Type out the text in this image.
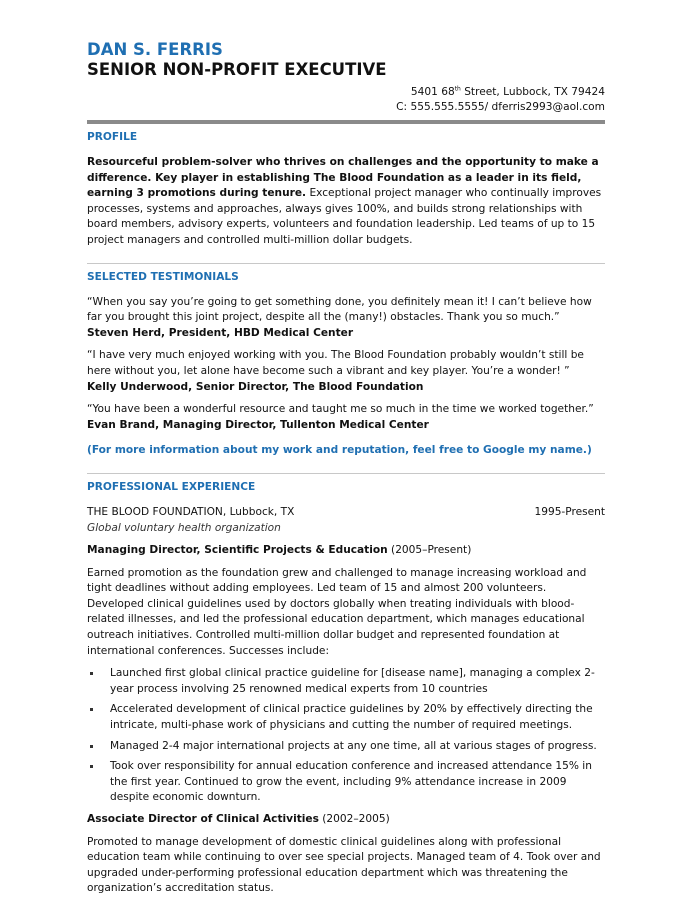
DAN S. FERRIS
SENIOR NON-PROFIT EXECUTIVE
5401 68th Street, Lubbock, TX 79424
C: 555.555.5555/ dferris2993@aol.com
PROFILE

Resourceful problem-solver who thrives on challenges and the opportunity to make a difference. Key player in establishing The Blood Foundation as a leader in its field, earning 3 promotions during tenure. Exceptional project manager who continually improves processes, systems and approaches, always gives 100%, and builds strong relationships with board members, advisory experts, volunteers and foundation leadership. Led teams of up to 15 project managers and controlled multi-million dollar budgets.

SELECTED TESTIMONIALS

“When you say you’re going to get something done, you definitely mean it! I can’t believe how far you brought this joint project, despite all the (many!) obstacles. Thank you so much.”

Steven Herd, President, HBD Medical Center

“I have very much enjoyed working with you. The Blood Foundation probably wouldn’t still be here without you, let alone have become such a vibrant and key player. You’re a wonder! ”

Kelly Underwood, Senior Director, The Blood Foundation

“You have been a wonderful resource and taught me so much in the time we worked together.”

Evan Brand, Managing Director, Tullenton Medical Center

(For more information about my work and reputation, feel free to Google my name.)

PROFESSIONAL EXPERIENCE
THE BLOOD FOUNDATION, Lubbock, TX	1995-Present

Global voluntary health organization

Managing Director, Scientific Projects & Education (2005–Present)

Earned promotion as the foundation grew and challenged to manage increasing workload and tight deadlines without adding employees. Led team of 15 and almost 200 volunteers. Developed clinical guidelines used by doctors globally when treating individuals with blood-related illnesses, and led the professional education department, which manages educational outreach initiatives. Controlled multi-million dollar budget and represented foundation at international conferences. Successes include:

Launched first global clinical practice guideline for [disease name], managing a complex 2-year process involving 25 renowned medical experts from 10 countries
Accelerated development of clinical practice guidelines by 20% by effectively directing the intricate, multi-phase work of physicians and cutting the number of required meetings.
Managed 2-4 major international projects at any one time, all at various stages of progress.
Took over responsibility for annual education conference and increased attendance 15% in the first year. Continued to grow the event, including 9% attendance increase in 2009 despite economic downturn.

Associate Director of Clinical Activities (2002–2005)

Promoted to manage development of domestic clinical guidelines along with professional education team while continuing to over see special projects. Managed team of 4. Took over and upgraded under-performing professional education department which was threatening the organization’s accreditation status.
